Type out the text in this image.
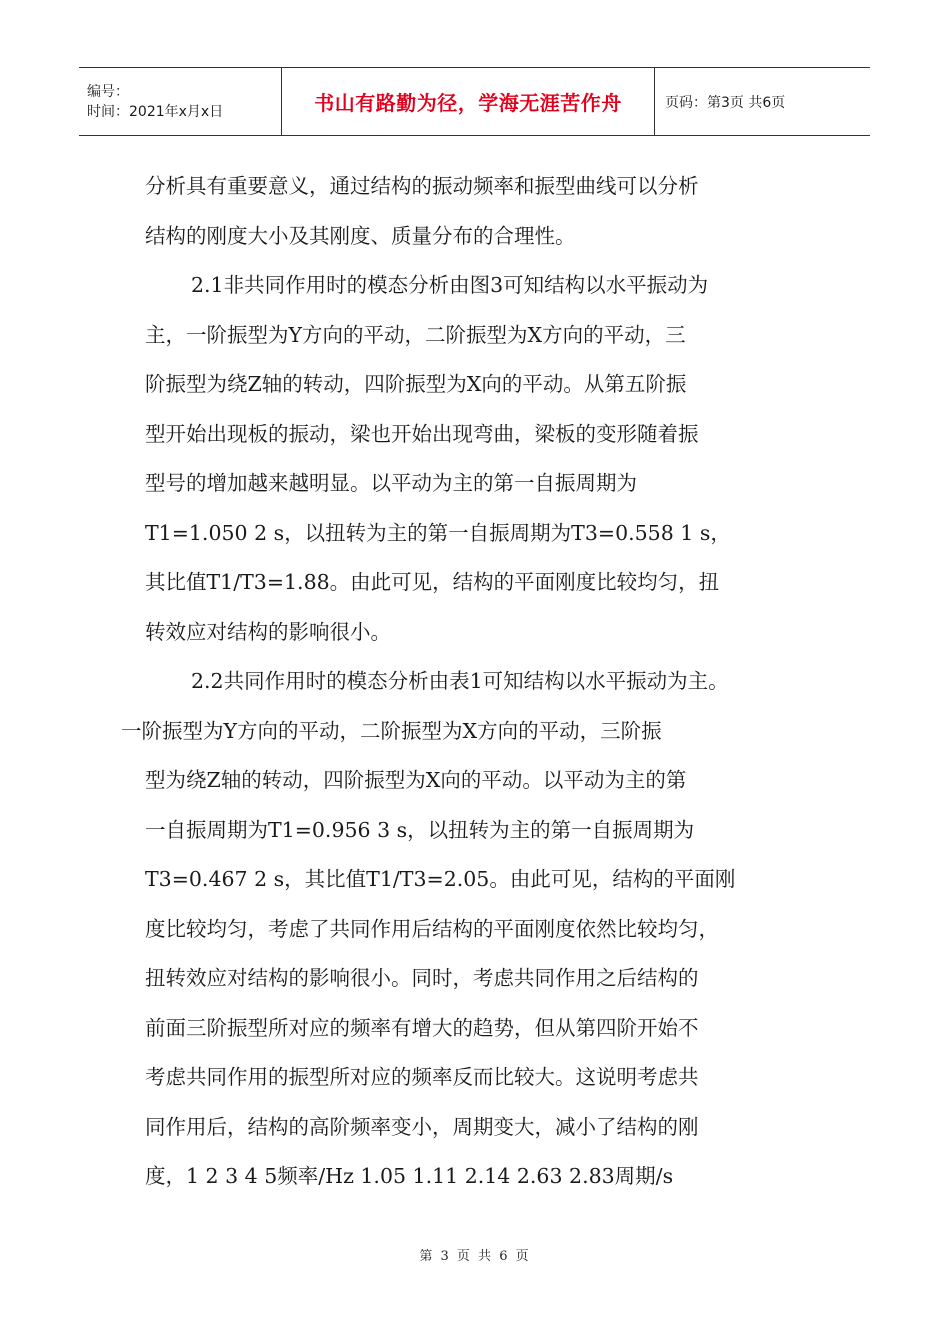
编号：
时间：2021年x月x日	书山有路勤为径，学海无涯苦作舟	页码：第3页 共6页
分析具有重要意义，通过结构的振动频率和振型曲线可以分析
结构的刚度大小及其刚度、质量分布的合理性。
2.1非共同作用时的模态分析由图3可知结构以水平振动为
主，一阶振型为Y方向的平动，二阶振型为X方向的平动，三
阶振型为绕Z轴的转动，四阶振型为X向的平动。从第五阶振
型开始出现板的振动，梁也开始出现弯曲，梁板的变形随着振
型号的增加越来越明显。以平动为主的第一自振周期为
T1=1.050 2 s，以扭转为主的第一自振周期为T3=0.558 1 s，
其比值T1/T3=1.88。由此可见，结构的平面刚度比较均匀，扭
转效应对结构的影响很小。
2.2共同作用时的模态分析由表1可知结构以水平振动为主。
一阶振型为Y方向的平动，二阶振型为X方向的平动，三阶振
型为绕Z轴的转动，四阶振型为X向的平动。以平动为主的第
一自振周期为T1=0.956 3 s，以扭转为主的第一自振周期为
T3=0.467 2 s，其比值T1/T3=2.05。由此可见，结构的平面刚
度比较均匀，考虑了共同作用后结构的平面刚度依然比较均匀，
扭转效应对结构的影响很小。同时，考虑共同作用之后结构的
前面三阶振型所对应的频率有增大的趋势，但从第四阶开始不
考虑共同作用的振型所对应的频率反而比较大。这说明考虑共
同作用后，结构的高阶频率变小，周期变大，减小了结构的刚
度，1 2 3 4 5频率/Hz 1.05 1.11 2.14 2.63 2.83周期/s
第 3 页 共 6 页
